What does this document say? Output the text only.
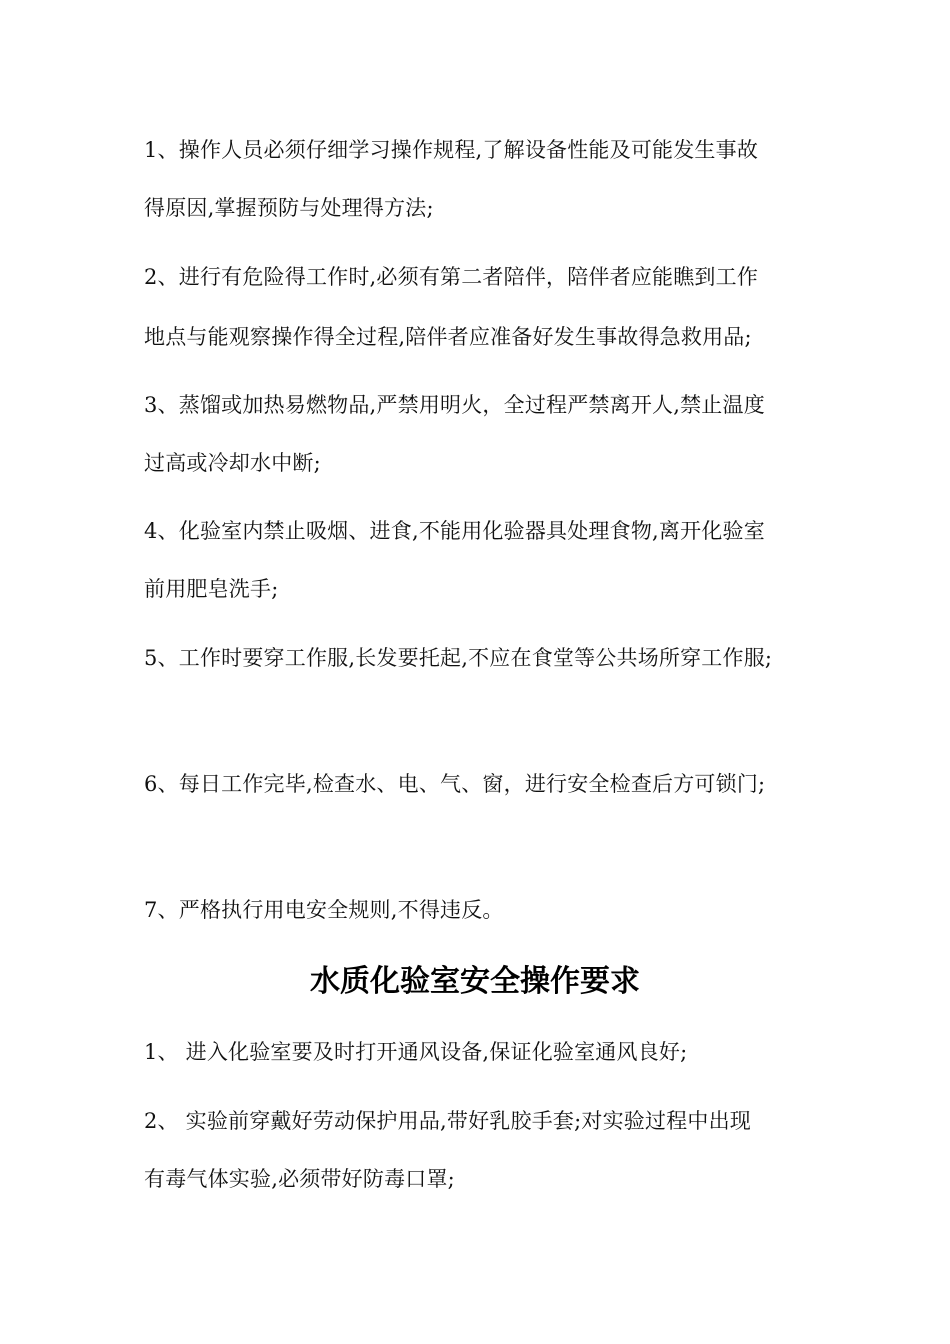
1、操作人员必须仔细学习操作规程,了解设备性能及可能发生事故
得原因,掌握预防与处理得方法;
2、进行有危险得工作时,必须有第二者陪伴，陪伴者应能瞧到工作
地点与能观察操作得全过程,陪伴者应准备好发生事故得急救用品;
3、蒸馏或加热易燃物品,严禁用明火，全过程严禁离开人,禁止温度
过高或冷却水中断;
4、化验室内禁止吸烟、进食,不能用化验器具处理食物,离开化验室
前用肥皂洗手;
5、工作时要穿工作服,长发要托起,不应在食堂等公共场所穿工作服;
6、每日工作完毕,检查水、电、气、窗，进行安全检查后方可锁门;
7、严格执行用电安全规则,不得违反。
水质化验室安全操作要求
1、 进入化验室要及时打开通风设备,保证化验室通风良好;
2、 实验前穿戴好劳动保护用品,带好乳胶手套;对实验过程中出现
有毒气体实验,必须带好防毒口罩;
